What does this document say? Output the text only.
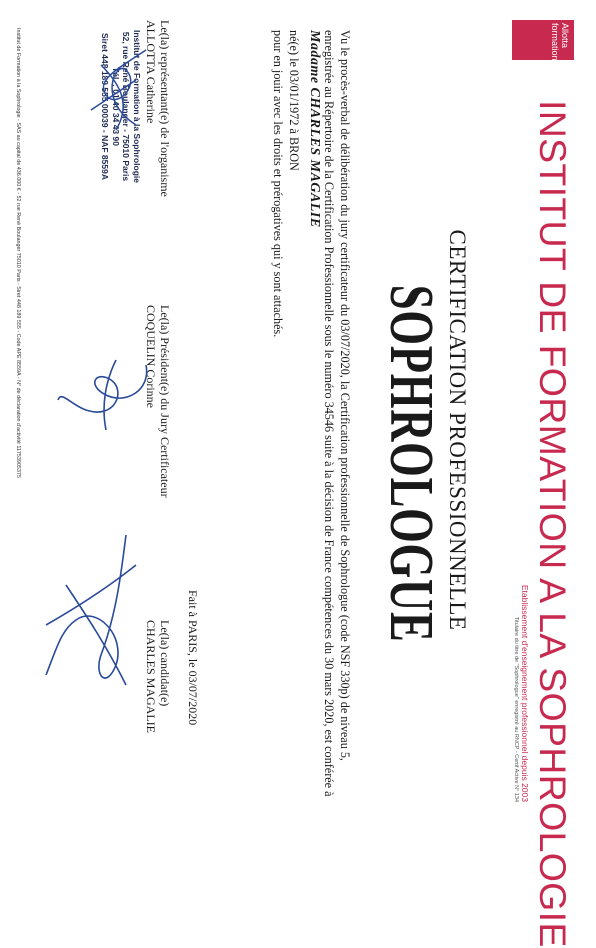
Allotta
formations
INSTITUT DE FORMATION A LA SOPHROLOGIE
Etablissement d'enseignement professionnel depuis 2003
Titulaire du titre de "Sophrologue" enregistré au RNCP - Certif Active N° 134
CERTIFICATION PROFESSIONNELLE
SOPHROLOGUE
Vu le procès-verbal de délibération du jury certificateur du 03/07/2020, la Certification professionnelle de Sophrologue (code NSF 330p) de niveau 5,
enregistrée au Répertoire de la Certification Professionnelle sous le numéro 34546 suite à la décision de France compétences du 30 mars 2020, est conférée à
Madame CHARLES MAGALIE
né(e) le 03/01/1972 à BRON
pour en jouir avec les droits et prérogatives qui y sont attachés.
Fait à PARIS, le 03/07/2020
Le(la) représentant(e) de l'organisme
ALLOTTA Catherine
Le(la) Président(e) du Jury Certificateur
COQUELIN Corinne
Le(la) candidat(e)
CHARLES MAGALIE
Institut de Formation à la Sophrologie
52, rue René Boulanger - 75010 Paris
Tél. : 01 40 34 43 90
Siret 448 189 555 00039 - NAF 8559A
Institut de Formation à la Sophrologie - SAS au capital de 436.000 € - 52 rue René Boulanger 75010 Paris - Siret 448 189 555 - Code APE 8559A - N° de déclaration d'activité 11753905375
